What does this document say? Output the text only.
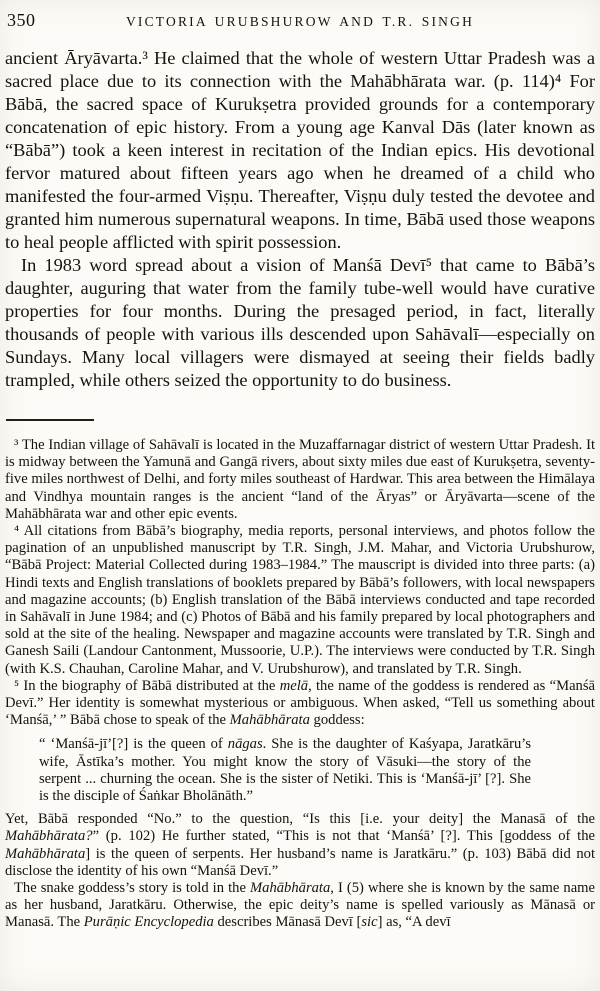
350	VICTORIA URUBSHUROW AND T.R. SINGH

ancient Āryāvarta.³ He claimed that the whole of western Uttar Pradesh was a sacred place due to its connection with the Mahābhārata war. (p. 114)⁴ For Bābā, the sacred space of Kurukṣetra provided grounds for a contemporary concatenation of epic history. From a young age Kanval Dās (later known as “Bābā”) took a keen interest in recitation of the Indian epics. His devotional fervor matured about fifteen years ago when he dreamed of a child who manifested the four-armed Viṣṇu. Thereafter, Viṣṇu duly tested the devotee and granted him numerous supernatural weapons. In time, Bābā used those weapons to heal people afflicted with spirit possession.

In 1983 word spread about a vision of Manśā Devī⁵ that came to Bābā’s daughter, auguring that water from the family tube-well would have curative properties for four months. During the presaged period, in fact, literally thousands of people with various ills descended upon Sahāvalī—especially on Sundays. Many local villagers were dismayed at seeing their fields badly trampled, while others seized the opportunity to do business.

³ The Indian village of Sahāvalī is located in the Muzaffarnagar district of western Uttar Pradesh. It is midway between the Yamunā and Gangā rivers, about sixty miles due east of Kurukṣetra, seventy-five miles northwest of Delhi, and forty miles southeast of Hardwar. This area between the Himālaya and Vindhya mountain ranges is the ancient “land of the Āryas” or Āryāvarta—scene of the Mahābhārata war and other epic events.

⁴ All citations from Bābā’s biography, media reports, personal interviews, and photos follow the pagination of an unpublished manuscript by T.R. Singh, J.M. Mahar, and Victoria Urubshurow, “Bābā Project: Material Collected during 1983–1984.” The mauscript is divided into three parts: (a) Hindi texts and English translations of booklets prepared by Bābā’s followers, with local newspapers and magazine accounts; (b) English translation of the Bābā interviews conducted and tape recorded in Sahāvalī in June 1984; and (c) Photos of Bābā and his family prepared by local photographers and sold at the site of the healing. Newspaper and magazine accounts were translated by T.R. Singh and Ganesh Saili (Landour Cantonment, Mussoorie, U.P.). The interviews were conducted by T.R. Singh (with K.S. Chauhan, Caroline Mahar, and V. Urubshurow), and translated by T.R. Singh.

⁵ In the biography of Bābā distributed at the melā, the name of the goddess is rendered as “Manśā Devī.” Her identity is somewhat mysterious or ambiguous. When asked, “Tell us something about ‘Manśā,’ ” Bābā chose to speak of the Mahābhārata goddess:

“ ‘Manśā-jī’[?] is the queen of nāgas. She is the daughter of Kaśyapa, Jaratkāru’s wife, Āstīka’s mother. You might know the story of Vāsuki—the story of the serpent ... churning the ocean. She is the sister of Netiki. This is ‘Manśā-jī’ [?]. She is the disciple of Śaṅkar Bholānāth.”

Yet, Bābā responded “No.” to the question, “Is this [i.e. your deity] the Manasā of the Mahābhārata?” (p. 102) He further stated, “This is not that ‘Manśā’ [?]. This [goddess of the Mahābhārata] is the queen of serpents. Her husband’s name is Jaratkāru.” (p. 103) Bābā did not disclose the identity of his own “Manśā Devī.”

The snake goddess’s story is told in the Mahābhārata, I (5) where she is known by the same name as her husband, Jaratkāru. Otherwise, the epic deity’s name is spelled variously as Mānasā or Manasā. The Purāṇic Encyclopedia describes Mānasā Devī [sic] as, “A devī
